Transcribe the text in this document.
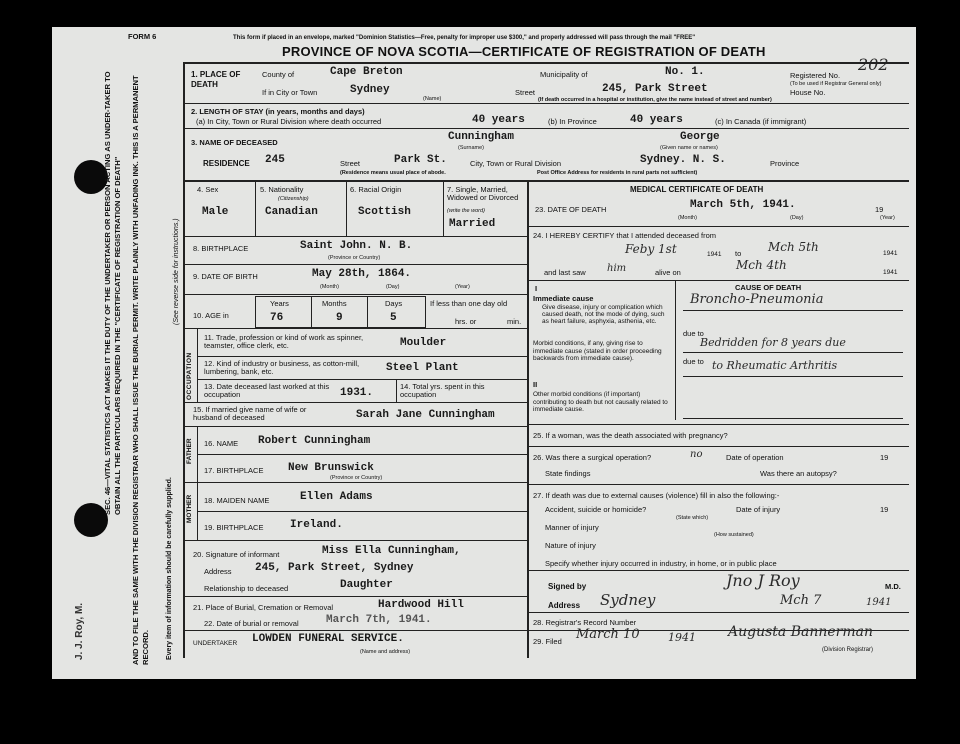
J. J. Roy, M.
SEC. 46—VITAL STATISTICS ACT MAKES IT THE DUTY OF THE UNDERTAKER OR PERSON ACTING AS UNDER-TAKER TO OBTAIN ALL THE PARTICULARS REQUIRED IN THE "CERTIFICATE OF REGISTRATION OF DEATH" AND TO FILE THE SAME WITH THE DIVISION REGISTRAR WHO SHALL ISSUE THE BURIAL PERMIT. WRITE PLAINLY WITH UNFADING INK. THIS IS A PERMANENT RECORD. Every item of information should be carefully supplied.
(See reverse side for instructions.)
FORM 6	This form if placed in an envelope, marked "Dominion Statistics—Free, penalty for improper use $300," and properly addressed will pass through the mail "FREE"
PROVINCE OF NOVA SCOTIA—CERTIFICATE OF REGISTRATION OF DEATH
Registered No.
202
1. PLACE OF DEATH
County of	Cape Breton	Municipality of	No. 1.
If in City or Town	Sydney
(Name)
Street	245, Park Street	House No.
(If death occurred in a hospital or institution, give the name instead of street and number)
(To be used if Registrar General only)
2. LENGTH OF STAY (in years, months and days)
(a) In City, Town or Rural Division where death occurred	40 years	(b) In Province	40 years	(c) In Canada (if immigrant)
3. NAME OF DECEASED	Cunningham
(Surname)
George
(Given name or names)
RESIDENCE 245	Street	Park St.	City, Town or Rural Division	Sydney. N. S.	Province
(Residence means usual place of abode.	Post Office Address for residents in rural parts not sufficient)
4. Sex
Male
5. Nationality
(Citizenship)
Canadian
6. Racial Origin
Scottish
7. Single, Married, Widowed or Divorced
(write the word)
Married
8. BIRTHPLACE	Saint John. N. B.
(Province or Country)
9. DATE OF BIRTH	May 28th, 1864.
(Month)	(Day)	(Year)
10. AGE in
Years	Months	Days
76	9	5
If less than one day old
hrs. or	min.
OCCUPATION
11. Trade, profession or kind of work as spinner, teamster, office clerk, etc.	Moulder
12. Kind of industry or business, as cotton-mill, lumbering, bank, etc.	Steel Plant
13. Date deceased last worked at this occupation	1931.
14. Total yrs. spent in this occupation
15. If married give name of wife or husband of deceased	Sarah Jane Cunningham
FATHER 16. NAME Robert Cunningham
17. BIRTHPLACE New Brunswick
(Province or Country)
MOTHER 18. MAIDEN NAME	Ellen Adams
19. BIRTHPLACE Ireland.
20. Signature of informant	Miss Ella Cunningham,
Address 245, Park Street, Sydney
Relationship to deceased	Daughter
21. Place of Burial, Cremation or Removal	Hardwood Hill
22. Date of burial or removal March 7th, 1941.
UNDERTAKER LOWDEN FUNERAL SERVICE.
(Name and address)
MEDICAL CERTIFICATE OF DEATH
23. DATE OF DEATH	March 5th, 1941.
(Month)	(Day)
19
(Year)
24. I HEREBY CERTIFY that I attended deceased from
Feby 1st	to Mch 5th
1941	1941
and last saw him	alive on
Mch 4th
1941
CAUSE OF DEATH
I
Immediate cause
Give disease, injury or complication which caused death, not the mode of dying, such as heart failure, asphyxia, asthenia, etc.
Broncho-Pneumonia
due to
Morbid conditions, if any, giving rise to immediate cause (stated in order proceeding backwards from immediate cause).
Bedridden for 8 years due
due to to Rheumatic Arthritis
II
Other morbid conditions (if important) contributing to death but not causally related to immediate cause.
25. If a woman, was the death associated with pregnancy?
26. Was there a surgical operation?	no	Date of operation	19
State findings	Was there an autopsy?
27. If death was due to external causes (violence) fill in also the following:-
Accident, suicide or homicide?	Date of injury	19
(State which)
Manner of injury
(How sustained)
Nature of injury
Specify whether injury occurred in industry, in home, or in public place
Signed by	Jno J Roy	M.D.
Address Sydney	Mch 7	1941
28. Registrar's Record Number
29. Filed March 10	1941 Augusta Bannerman
(Division Registrar)
